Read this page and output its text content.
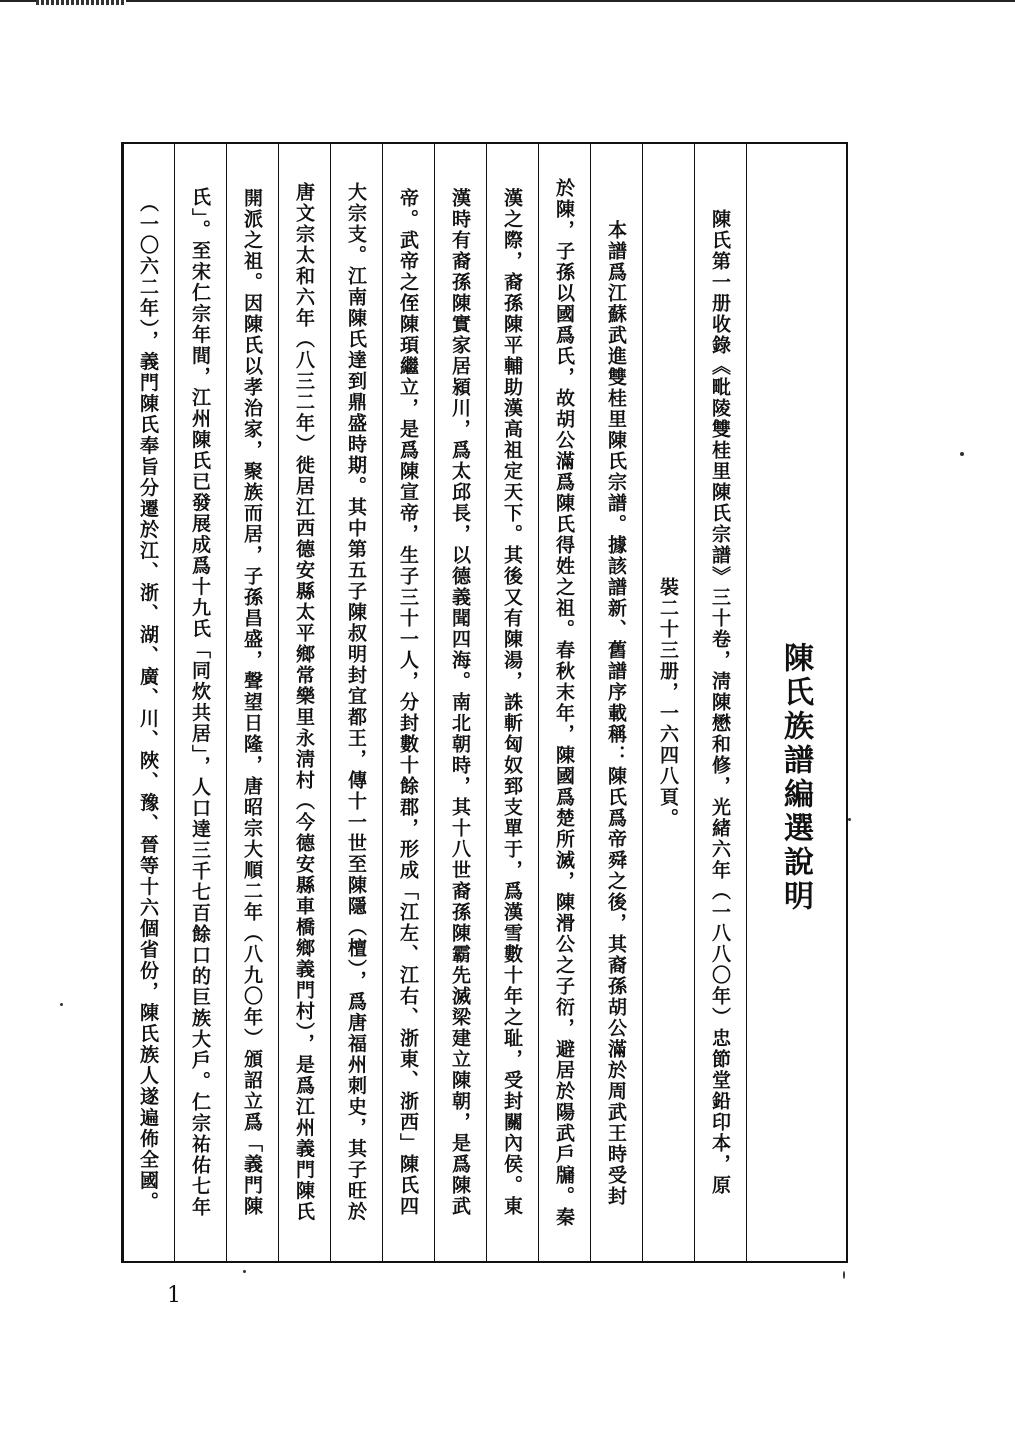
陳氏族譜編選說明
陳氏第一册收錄《毗陵雙桂里陳氏宗譜》三十卷，淸陳懋和修，光緒六年（一八八〇年）忠節堂鉛印本，原
裝二十三册，一六四八頁。
　本譜爲江蘇武進雙桂里陳氏宗譜。據該譜新、舊譜序載稱：陳氏爲帝舜之後，其裔孫胡公滿於周武王時受封
於陳，子孫以國爲氏，故胡公滿爲陳氏得姓之祖。春秋末年，陳國爲楚所滅，陳滑公之子衍，避居於陽武戶牖。秦
漢之際，裔孫陳平輔助漢高祖定天下。其後又有陳湯，誅斬匈奴郅支單于，爲漢雪數十年之耻，受封關內侯。東
漢時有裔孫陳實家居潁川，爲太邱長，以德義聞四海。南北朝時，其十八世裔孫陳霸先滅梁建立陳朝，是爲陳武
帝。武帝之侄陳頊繼立，是爲陳宣帝，生子三十一人，分封數十餘郡，形成「江左、江右、浙東、浙西」陳氏四
大宗支。江南陳氏達到鼎盛時期。其中第五子陳叔明封宜都王，傳十一世至陳隱（檀），爲唐福州刺史，其子旺於
唐文宗太和六年（八三二年）徙居江西德安縣太平鄉常樂里永淸村（今德安縣車橋鄉義門村），是爲江州義門陳氏
開派之祖。因陳氏以孝治家，聚族而居，子孫昌盛，聲望日隆，唐昭宗大順二年（八九〇年）頒詔立爲「義門陳
氏」。至宋仁宗年間，江州陳氏已發展成爲十九氏「同炊共居」，人口達三千七百餘口的巨族大戶。仁宗祐佑七年
（一〇六二年），義門陳氏奉旨分遷於江、浙、湖、廣、川、陜、豫、晉等十六個省份，陳氏族人遂遍佈全國。
1
